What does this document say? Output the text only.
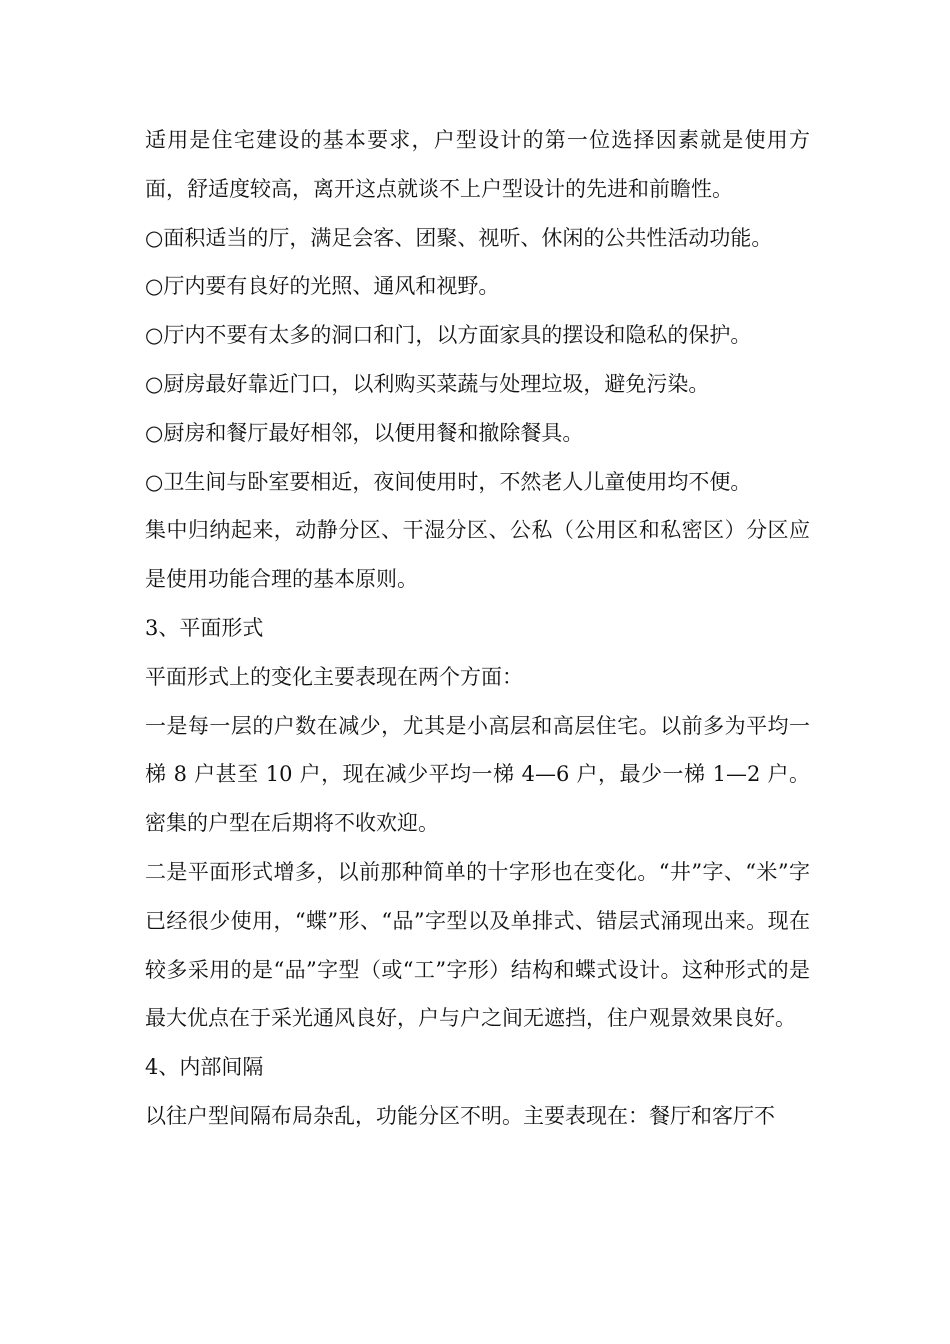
适用是住宅建设的基本要求，户型设计的第一位选择因素就是使用方面，舒适度较高，离开这点就谈不上户型设计的先进和前瞻性。

○面积适当的厅，满足会客、团聚、视听、休闲的公共性活动功能。

○厅内要有良好的光照、通风和视野。

○厅内不要有太多的洞口和门，以方面家具的摆设和隐私的保护。

○厨房最好靠近门口，以利购买菜蔬与处理垃圾，避免污染。

○厨房和餐厅最好相邻，以便用餐和撤除餐具。

○卫生间与卧室要相近，夜间使用时，不然老人儿童使用均不便。

集中归纳起来，动静分区、干湿分区、公私（公用区和私密区）分区应是使用功能合理的基本原则。

3、平面形式

平面形式上的变化主要表现在两个方面：

一是每一层的户数在减少，尤其是小高层和高层住宅。以前多为平均一梯 8 户甚至 10 户，现在减少平均一梯 4—6 户，最少一梯 1—2 户。密集的户型在后期将不收欢迎。

二是平面形式增多，以前那种简单的十字形也在变化。“井”字、“米”字已经很少使用，“蝶”形、“品”字型以及单排式、错层式涌现出来。现在较多采用的是“品”字型（或“工”字形）结构和蝶式设计。这种形式的是最大优点在于采光通风良好，户与户之间无遮挡，住户观景效果良好。

4、内部间隔

以往户型间隔布局杂乱，功能分区不明。主要表现在：餐厅和客厅不
